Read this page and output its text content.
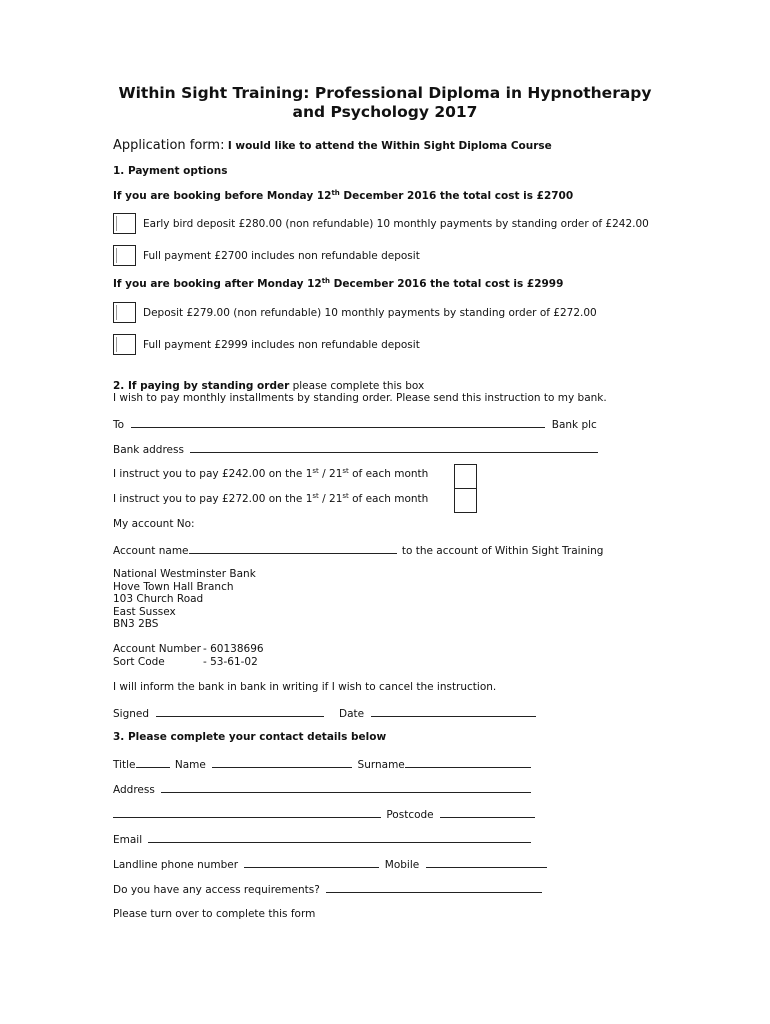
Within Sight Training: Professional Diploma in Hypnotherapy
and Psychology 2017
Application form: I would like to attend the Within Sight Diploma Course
1. Payment options
If you are booking before Monday 12th December 2016 the total cost is £2700
Early bird deposit £280.00 (non refundable) 10 monthly payments by standing order of £242.00
Full payment £2700 includes non refundable deposit
If you are booking after Monday 12th December 2016 the total cost is £2999
Deposit £279.00 (non refundable) 10 monthly payments by standing order of £272.00
Full payment £2999 includes non refundable deposit
2. If paying by standing order please complete this box
I wish to pay monthly installments by standing order. Please send this instruction to my bank.
To	Bank plc
Bank address
I instruct you to pay £242.00 on the 1st / 21st of each month
I instruct you to pay £272.00 on the 1st / 21st of each month
My account No:
Account name	to the account of Within Sight Training
National Westminster Bank
Hove Town Hall Branch
103 Church Road
East Sussex
BN3 2BS
Account Number - 60138696
Sort Code	- 53-61-02
I will inform the bank in bank in writing if I wish to cancel the instruction.
Signed	Date
3. Please complete your contact details below
Title	Name	Surname
Address
Postcode
Email
Landline phone number	Mobile
Do you have any access requirements?
Please turn over to complete this form
